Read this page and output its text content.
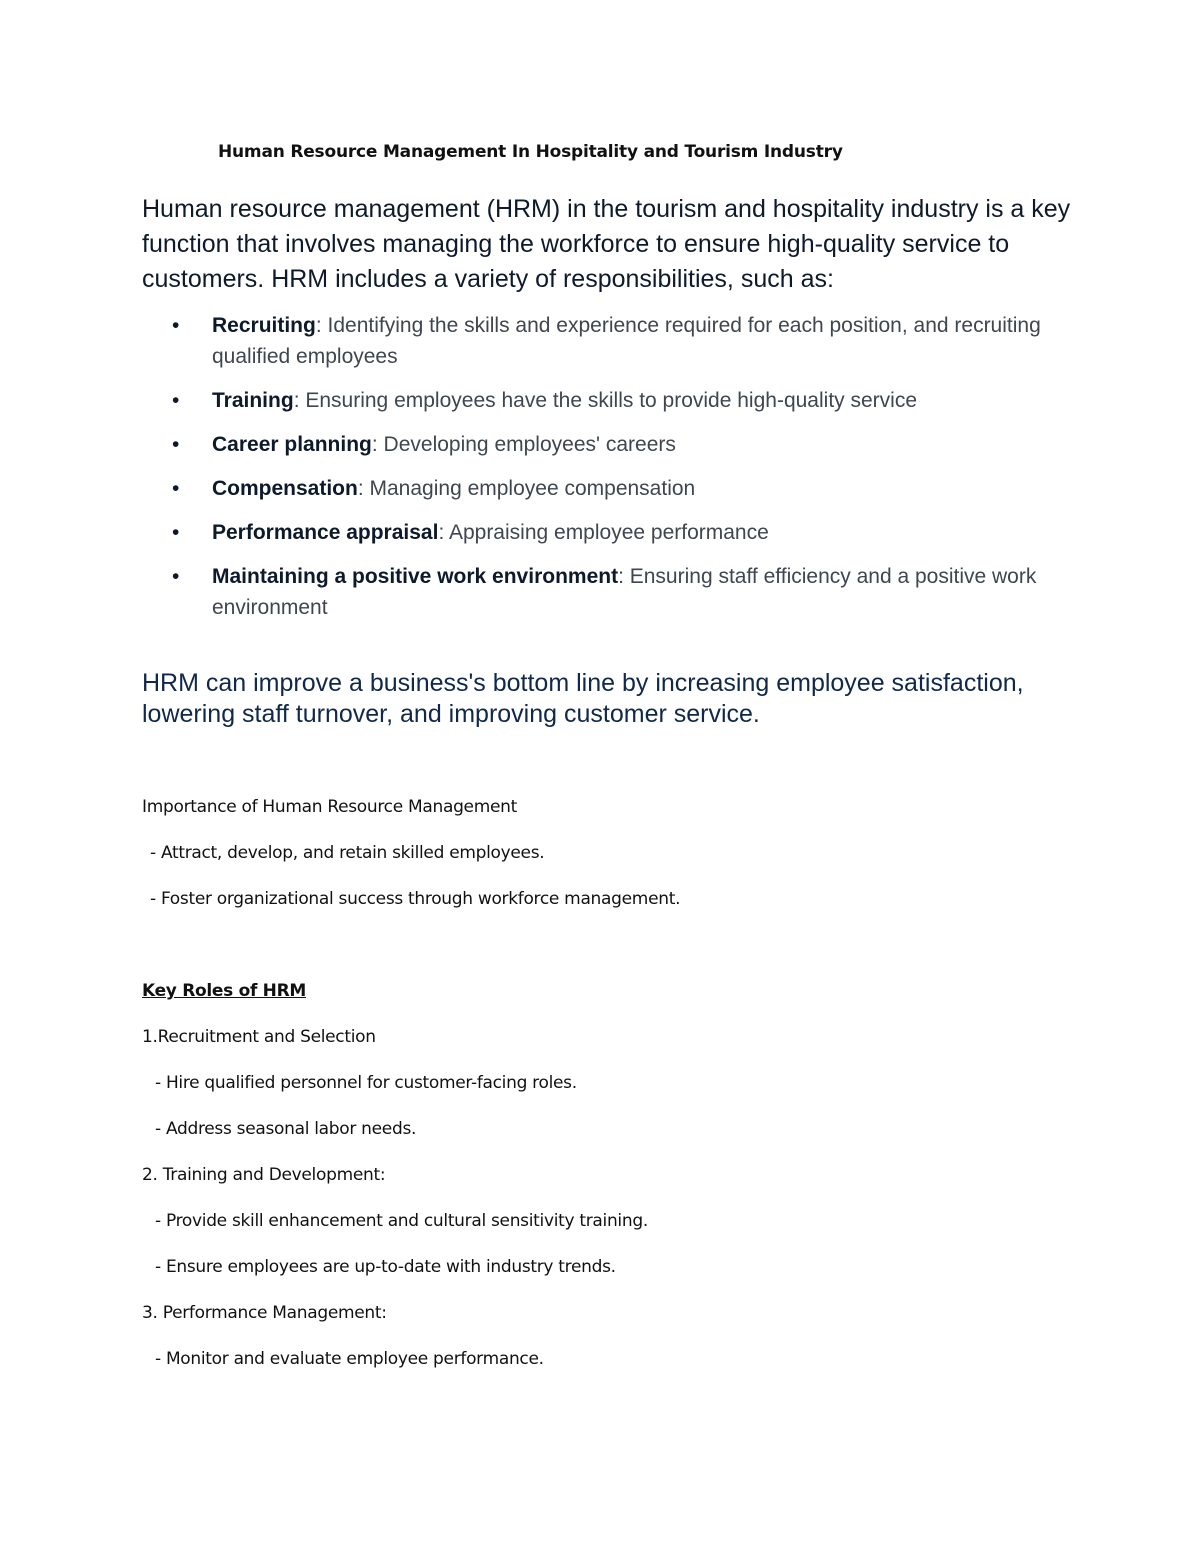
Human Resource Management In Hospitality and Tourism Industry
Human resource management (HRM) in the tourism and hospitality industry is a key function that involves managing the workforce to ensure high-quality service to customers. HRM includes a variety of responsibilities, such as:
• Recruiting: Identifying the skills and experience required for each position, and recruiting qualified employees
• Training: Ensuring employees have the skills to provide high-quality service
• Career planning: Developing employees' careers
• Compensation: Managing employee compensation
• Performance appraisal: Appraising employee performance
• Maintaining a positive work environment: Ensuring staff efficiency and a positive work environment
HRM can improve a business's bottom line by increasing employee satisfaction, lowering staff turnover, and improving customer service.
Importance of Human Resource Management
- Attract, develop, and retain skilled employees.
- Foster organizational success through workforce management.
Key Roles of HRM
1.Recruitment and Selection
- Hire qualified personnel for customer-facing roles.
- Address seasonal labor needs.
2. Training and Development:
- Provide skill enhancement and cultural sensitivity training.
- Ensure employees are up-to-date with industry trends.
3. Performance Management:
- Monitor and evaluate employee performance.
